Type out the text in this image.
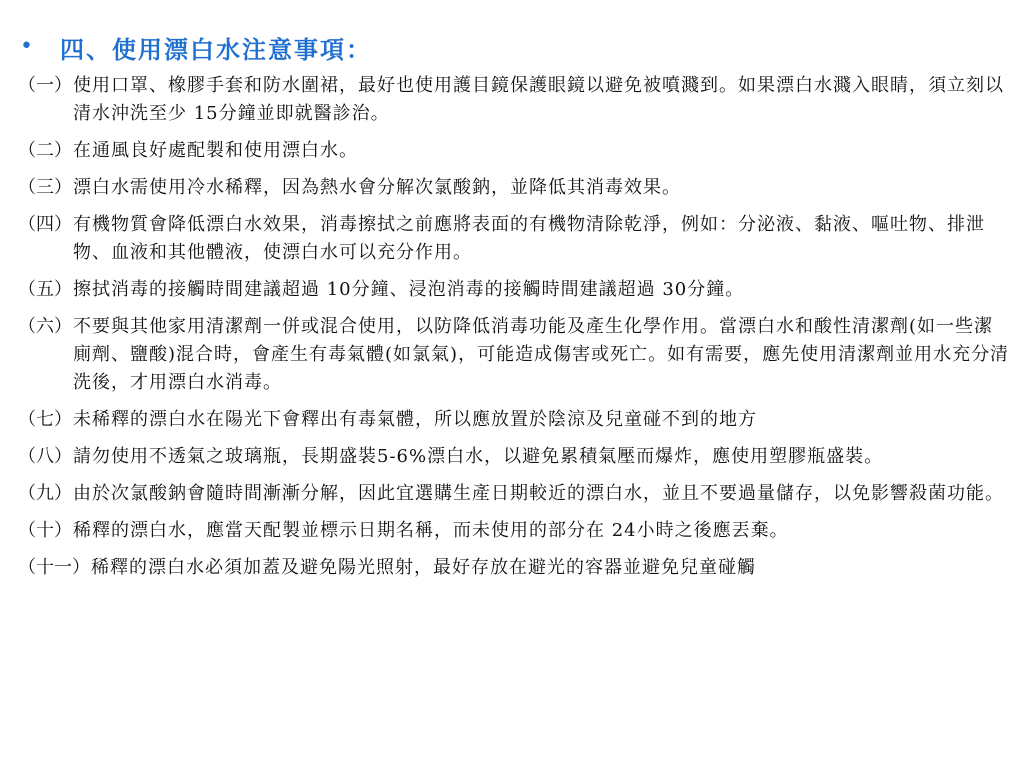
•	四、使用漂白水注意事項：
（一） 使用口罩、橡膠手套和防水圍裙，最好也使用護目鏡保護眼鏡以避免被噴濺到。如果漂白水濺入眼睛，須立刻以清水沖洗至少 15分鐘並即就醫診治。
（二） 在通風良好處配製和使用漂白水。
（三） 漂白水需使用冷水稀釋，因為熱水會分解次氯酸鈉，並降低其消毒效果。
（四） 有機物質會降低漂白水效果，消毒擦拭之前應將表面的有機物清除乾淨，例如：分泌液、黏液、嘔吐物、排泄物、血液和其他體液，使漂白水可以充分作用。
（五） 擦拭消毒的接觸時間建議超過 10分鐘、浸泡消毒的接觸時間建議超過 30分鐘。
（六） 不要與其他家用清潔劑一併或混合使用，以防降低消毒功能及產生化學作用。當漂白水和酸性清潔劑(如一些潔廁劑、鹽酸)混合時，會產生有毒氣體(如氯氣)，可能造成傷害或死亡。如有需要，應先使用清潔劑並用水充分清洗後，才用漂白水消毒。
（七） 未稀釋的漂白水在陽光下會釋出有毒氣體，所以應放置於陰涼及兒童碰不到的地方
（八） 請勿使用不透氣之玻璃瓶，長期盛裝5-6%漂白水，以避免累積氣壓而爆炸，應使用塑膠瓶盛裝。
（九） 由於次氯酸鈉會隨時間漸漸分解，因此宜選購生產日期較近的漂白水，並且不要過量儲存，以免影響殺菌功能。
（十） 稀釋的漂白水，應當天配製並標示日期名稱，而未使用的部分在 24小時之後應丟棄。
（十一） 稀釋的漂白水必須加蓋及避免陽光照射，最好存放在避光的容器並避免兒童碰觸
